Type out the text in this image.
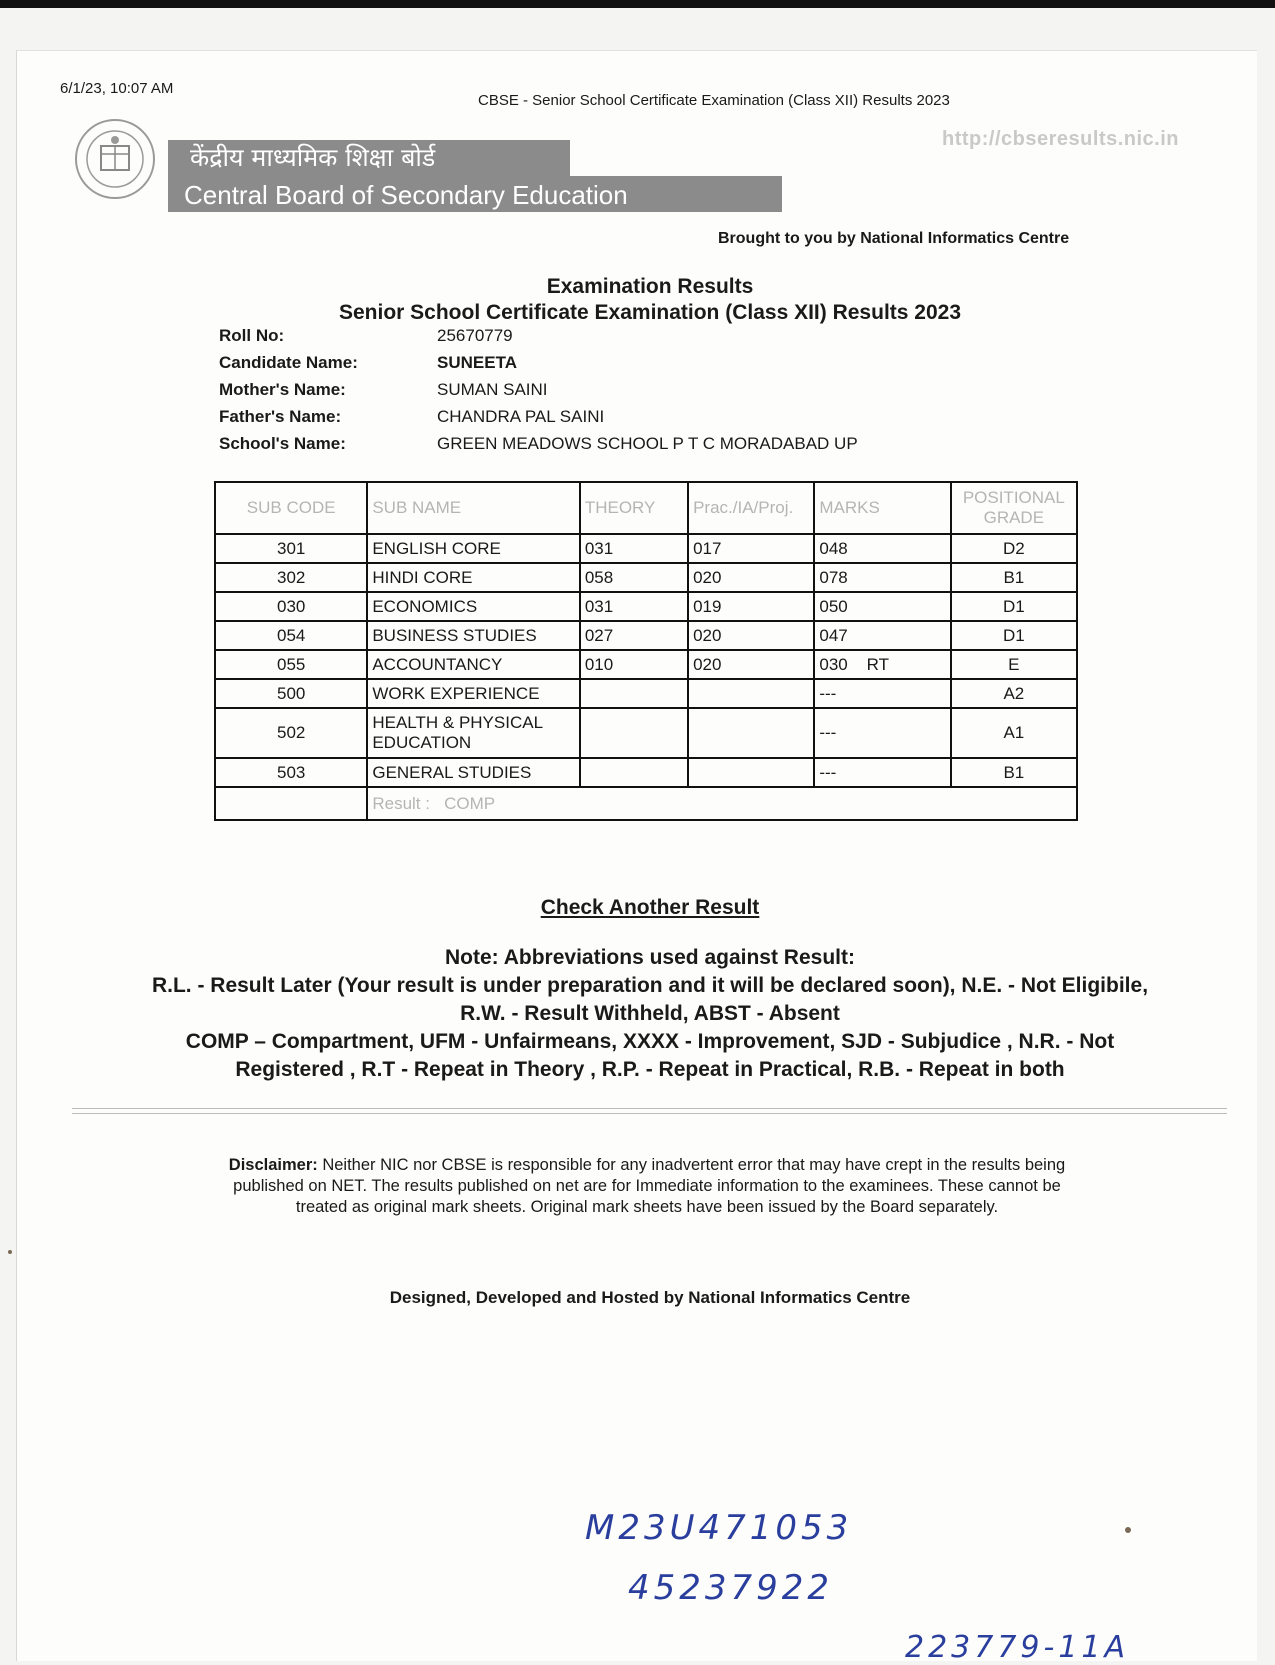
6/1/23, 10:07 AM
CBSE - Senior School Certificate Examination (Class XII) Results 2023
http://cbseresults.nic.in
केंद्रीय माध्यमिक शिक्षा बोर्ड
Central Board of Secondary Education
Brought to you by National Informatics Centre
Examination Results
Senior School Certificate Examination (Class XII) Results 2023
Roll No:	25670779
Candidate Name:	SUNEETA
Mother's Name:	SUMAN SAINI
Father's Name:	CHANDRA PAL SAINI
School's Name:	GREEN MEADOWS SCHOOL P T C MORADABAD UP
SUB CODE	SUB NAME	THEORY	Prac./IA/Proj.	MARKS	POSITIONAL GRADE
301	ENGLISH CORE	031	017	048	D2
302	HINDI CORE	058	020	078	B1
030	ECONOMICS	031	019	050	D1
054	BUSINESS STUDIES	027	020	047	D1
055	ACCOUNTANCY	010	020	030    RT	E
500	WORK EXPERIENCE			---	A2
502	HEALTH & PHYSICAL EDUCATION			---	A1
503	GENERAL STUDIES			---	B1
	Result :   COMP				
Check Another Result
Note: Abbreviations used against Result:
R.L. - Result Later (Your result is under preparation and it will be declared soon), N.E. - Not Eligibile,
R.W. - Result Withheld, ABST - Absent
COMP – Compartment, UFM - Unfairmeans, XXXX - Improvement, SJD - Subjudice , N.R. - Not
Registered , R.T - Repeat in Theory , R.P. - Repeat in Practical, R.B. - Repeat in both
Disclaimer: Neither NIC nor CBSE is responsible for any inadvertent error that may have crept in the results being published on NET. The results published on net are for Immediate information to the examinees. These cannot be treated as original mark sheets. Original mark sheets have been issued by the Board separately.
Designed, Developed and Hosted by National Informatics Centre
M23U471053
45237922
223779-11A
